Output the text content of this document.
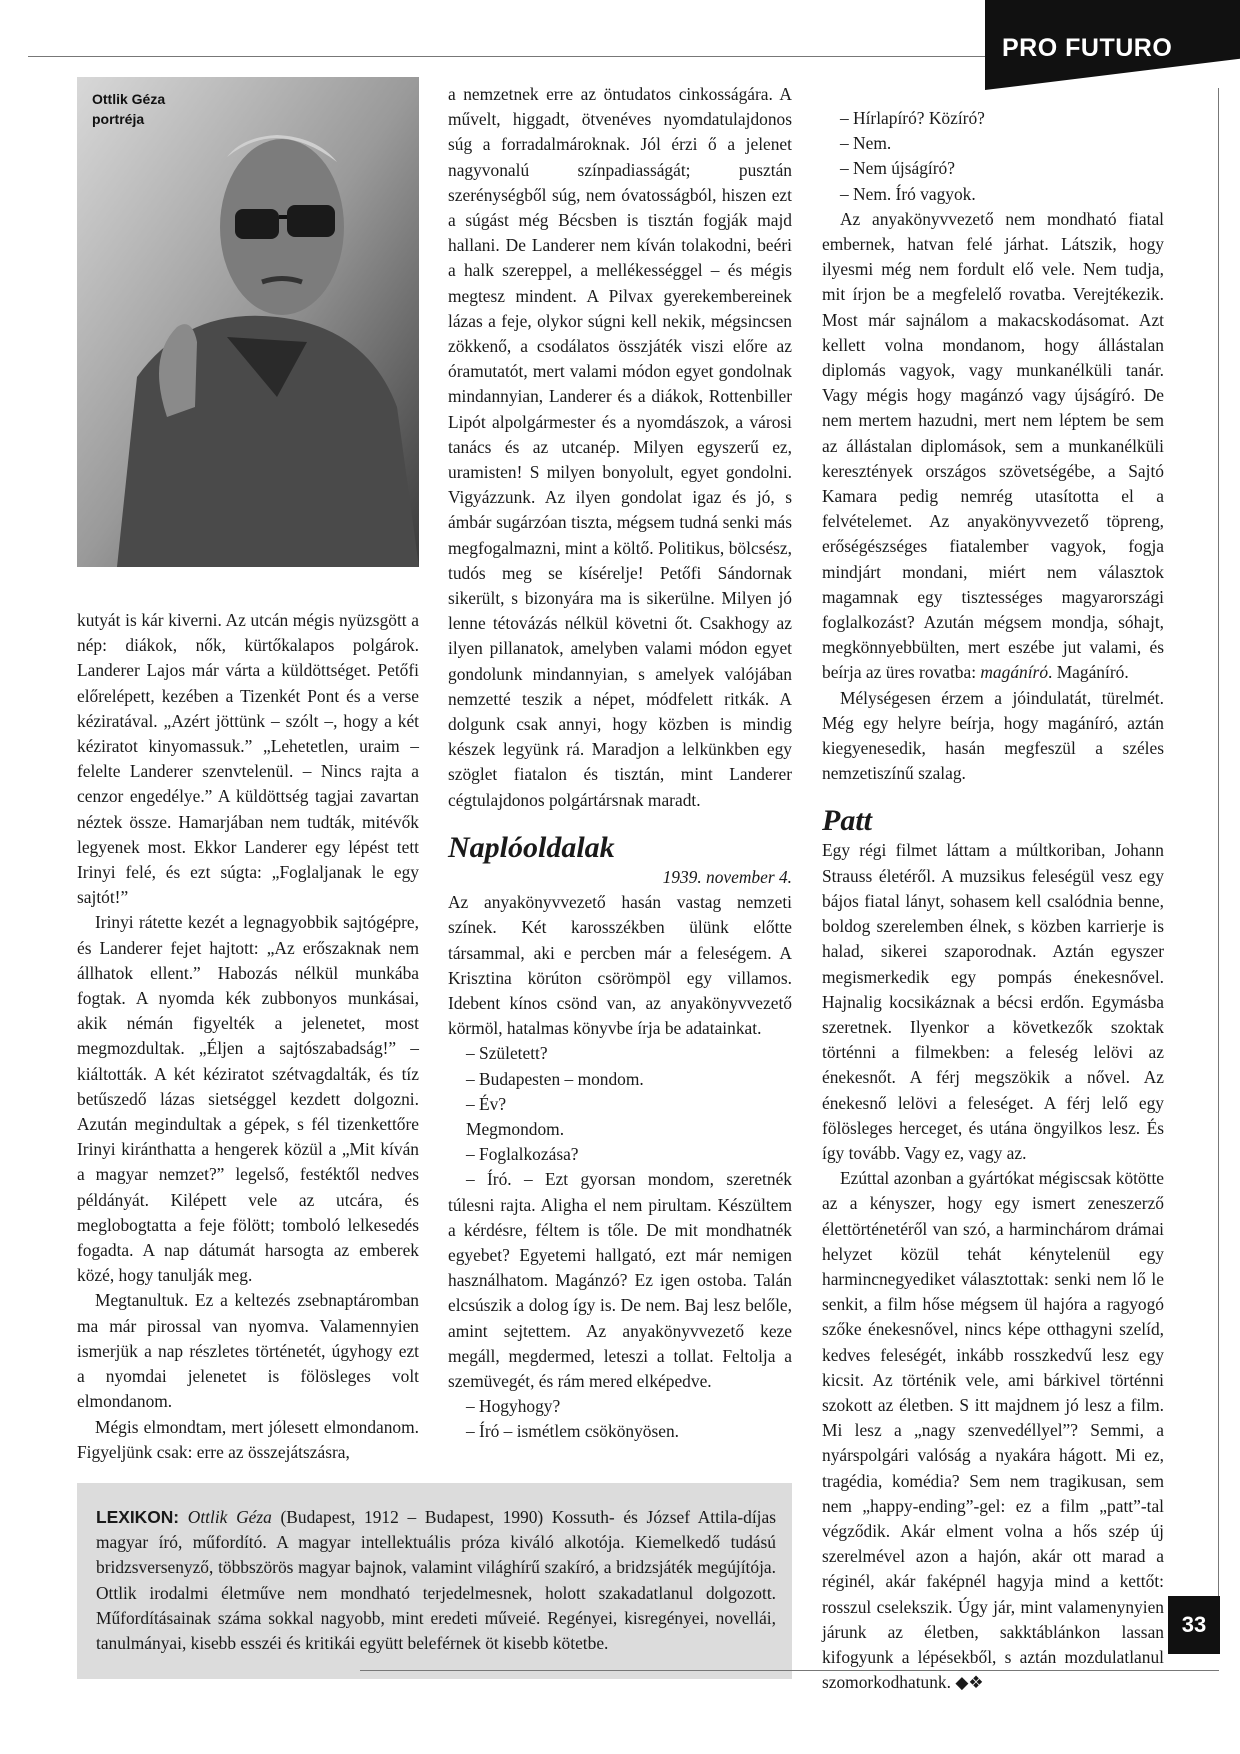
PRO FUTURO
Ottlik Géza
portréja

kutyát is kár kiverni. Az utcán mégis nyüzsgött a nép: diákok, nők, kürtőkalapos polgárok. Landerer Lajos már várta a küldöttséget. Petőfi előrelépett, kezében a Tizenkét Pont és a verse kéziratával. „Azért jöttünk – szólt –, hogy a két kéziratot kinyomassuk.” „Lehetetlen, uraim – felelte Landerer szenvtelenül. – Nincs rajta a cenzor engedélye.” A küldöttség tagjai zavartan néztek össze. Hamarjában nem tudták, mitévők legyenek most. Ekkor Landerer egy lépést tett Irinyi felé, és ezt súgta: „Foglaljanak le egy sajtót!”

Irinyi rátette kezét a legnagyobbik sajtógépre, és Landerer fejet hajtott: „Az erőszaknak nem állhatok ellent.” Habozás nélkül munkába fogtak. A nyomda kék zubbonyos munkásai, akik némán figyelték a jelenetet, most megmozdultak. „Éljen a sajtószabadság!” – kiáltották. A két kéziratot szétvagdalták, és tíz betűszedő lázas sietséggel kezdett dolgozni. Azután megindultak a gépek, s fél tizenkettőre Irinyi kiránthatta a hengerek közül a „Mit kíván a magyar nemzet?” legelső, festéktől nedves példányát. Kilépett vele az utcára, és meglobogtatta a feje fölött; tomboló lelkesedés fogadta. A nap dátumát harsogta az emberek közé, hogy tanulják meg.

Megtanultuk. Ez a keltezés zsebnaptáromban ma már pirossal van nyomva. Valamennyien ismerjük a nap részletes történetét, úgyhogy ezt a nyomdai jelenetet is fölösleges volt elmondanom.

Mégis elmondtam, mert jólesett elmondanom. Figyeljünk csak: erre az összejátszásra,

a nemzetnek erre az öntudatos cinkosságára. A művelt, higgadt, ötvenéves nyomdatulajdonos súg a forradalmároknak. Jól érzi ő a jelenet nagyvonalú színpadiasságát; pusztán szerénységből súg, nem óvatosságból, hiszen ezt a súgást még Bécsben is tisztán fogják majd hallani. De Landerer nem kíván tolakodni, beéri a halk szereppel, a mellékességgel – és mégis megtesz mindent. A Pilvax gyerekembereinek lázas a feje, olykor súgni kell nekik, mégsincsen zökkenő, a csodálatos összjáték viszi előre az óramutatót, mert valami módon egyet gondolnak mindannyian, Landerer és a diákok, Rottenbiller Lipót alpolgármester és a nyomdászok, a városi tanács és az utcanép. Milyen egyszerű ez, uramisten! S milyen bonyolult, egyet gondolni. Vigyázzunk. Az ilyen gondolat igaz és jó, s ámbár sugárzóan tiszta, mégsem tudná senki más megfogalmazni, mint a költő. Politikus, bölcsész, tudós meg se kísérelje! Petőfi Sándornak sikerült, s bizonyára ma is sikerülne. Milyen jó lenne tétovázás nélkül követni őt. Csakhogy az ilyen pillanatok, amelyben valami módon egyet gondolunk mindannyian, s amelyek valójában nemzetté teszik a népet, módfelett ritkák. A dolgunk csak annyi, hogy közben is mindig készek legyünk rá. Maradjon a lelkünkben egy szöglet fiatalon és tisztán, mint Landerer cégtulajdonos polgártársnak maradt.

Naplóoldalak

1939. november 4.

Az anyakönyvvezető hasán vastag nemzeti színek. Két karosszékben ülünk előtte társammal, aki e percben már a feleségem. A Krisztina körúton csörömpöl egy villamos. Idebent kínos csönd van, az anyakönyvvezető körmöl, hatalmas könyvbe írja be adatainkat.

– Született?

– Budapesten – mondom.

– Év?

Megmondom.

– Foglalkozása?

– Író. – Ezt gyorsan mondom, szeretnék túlesni rajta. Aligha el nem pirultam. Készültem a kérdésre, féltem is tőle. De mit mondhatnék egyebet? Egyetemi hallgató, ezt már nemigen használhatom. Magánzó? Ez igen ostoba. Talán elcsúszik a dolog így is. De nem. Baj lesz belőle, amint sejtettem. Az anyakönyvvezető keze megáll, megdermed, leteszi a tollat. Feltolja a szemüvegét, és rám mered elképedve.

– Hogyhogy?

– Író – ismétlem csökönyösen.

– Hírlapíró? Közíró?

– Nem.

– Nem újságíró?

– Nem. Író vagyok.

Az anyakönyvvezető nem mondható fiatal embernek, hatvan felé járhat. Látszik, hogy ilyesmi még nem fordult elő vele. Nem tudja, mit írjon be a megfelelő rovatba. Verejtékezik. Most már sajnálom a makacskodásomat. Azt kellett volna mondanom, hogy állástalan diplomás vagyok, vagy munkanélküli tanár. Vagy mégis hogy magánzó vagy újságíró. De nem mertem hazudni, mert nem léptem be sem az állástalan diplomások, sem a munkanélküli keresztények országos szövetségébe, a Sajtó Kamara pedig nemrég utasította el a felvételemet. Az anyakönyvvezető töpreng, erőségészséges fiatalember vagyok, fogja mindjárt mondani, miért nem választok magamnak egy tisztességes magyarországi foglalkozást? Azután mégsem mondja, sóhajt, megkönnyebbülten, mert eszébe jut valami, és beírja az üres rovatba: magánírό. Magáníró.

Mélységesen érzem a jóindulatát, türelmét. Még egy helyre beírja, hogy magáníró, aztán kiegyenesedik, hasán megfeszül a széles nemzetiszínű szalag.

Patt

Egy régi filmet láttam a múltkoriban, Johann Strauss életéről. A muzsikus feleségül vesz egy bájos fiatal lányt, sohasem kell csalódnia benne, boldog szerelemben élnek, s közben karrierje is halad, sikerei szaporodnak. Aztán egyszer megismerkedik egy pompás énekesnővel. Hajnalig kocsikáznak a bécsi erdőn. Egymásba szeretnek. Ilyenkor a következők szoktak történni a filmekben: a feleség lelövi az énekesnőt. A férj megszökik a nővel. Az énekesnő lelövi a feleséget. A férj lelő egy fölösleges herceget, és utána öngyilkos lesz. És így tovább. Vagy ez, vagy az.

Ezúttal azonban a gyártókat mégiscsak kötötte az a kényszer, hogy egy ismert zeneszerző élettörténetéről van szó, a harminchárom drámai helyzet közül tehát kénytelenül egy harmincnegyediket választottak: senki nem lő le senkit, a film hőse mégsem ül hajóra a ragyogó szőke énekesnővel, nincs képe otthagyni szelíd, kedves feleségét, inkább rosszkedvű lesz egy kicsit. Az történik vele, ami bárkivel történni szokott az életben. S itt majdnem jó lesz a film. Mi lesz a „nagy szenvedéllyel”? Semmi, a nyárspolgári valóság a nyakára hágott. Mi ez, tragédia, komédia? Sem nem tragikusan, sem nem „happy-ending”-gel: ez a film „patt”-tal végződik. Akár elment volna a hős szép új szerelmével azon a hajón, akár ott marad a réginél, akár faképnél hagyja mind a kettőt: rosszul cselekszik. Úgy jár, mint valamenynyien járunk az életben, sakktáblánkon lassan kifogyunk a lépésekből, s aztán mozdulatlanul szomorkodhatunk. ◆❖

LEXIKON: Ottlik Géza (Budapest, 1912 – Budapest, 1990) Kossuth- és József Attila-díjas magyar író, műfordító. A magyar intellektuális próza kiváló alkotója. Kiemelkedő tudású bridzsversenyző, többszörös magyar bajnok, valamint világhírű szakíró, a bridzsjáték megújítója. Ottlik irodalmi életműve nem mondható terjedelmesnek, holott szakadatlanul dolgozott. Műfordításainak száma sokkal nagyobb, mint eredeti műveié. Regényei, kisregényei, novellái, tanulmányai, kisebb esszéi és kritikái együtt beleférnek öt kisebb kötetbe.
33
